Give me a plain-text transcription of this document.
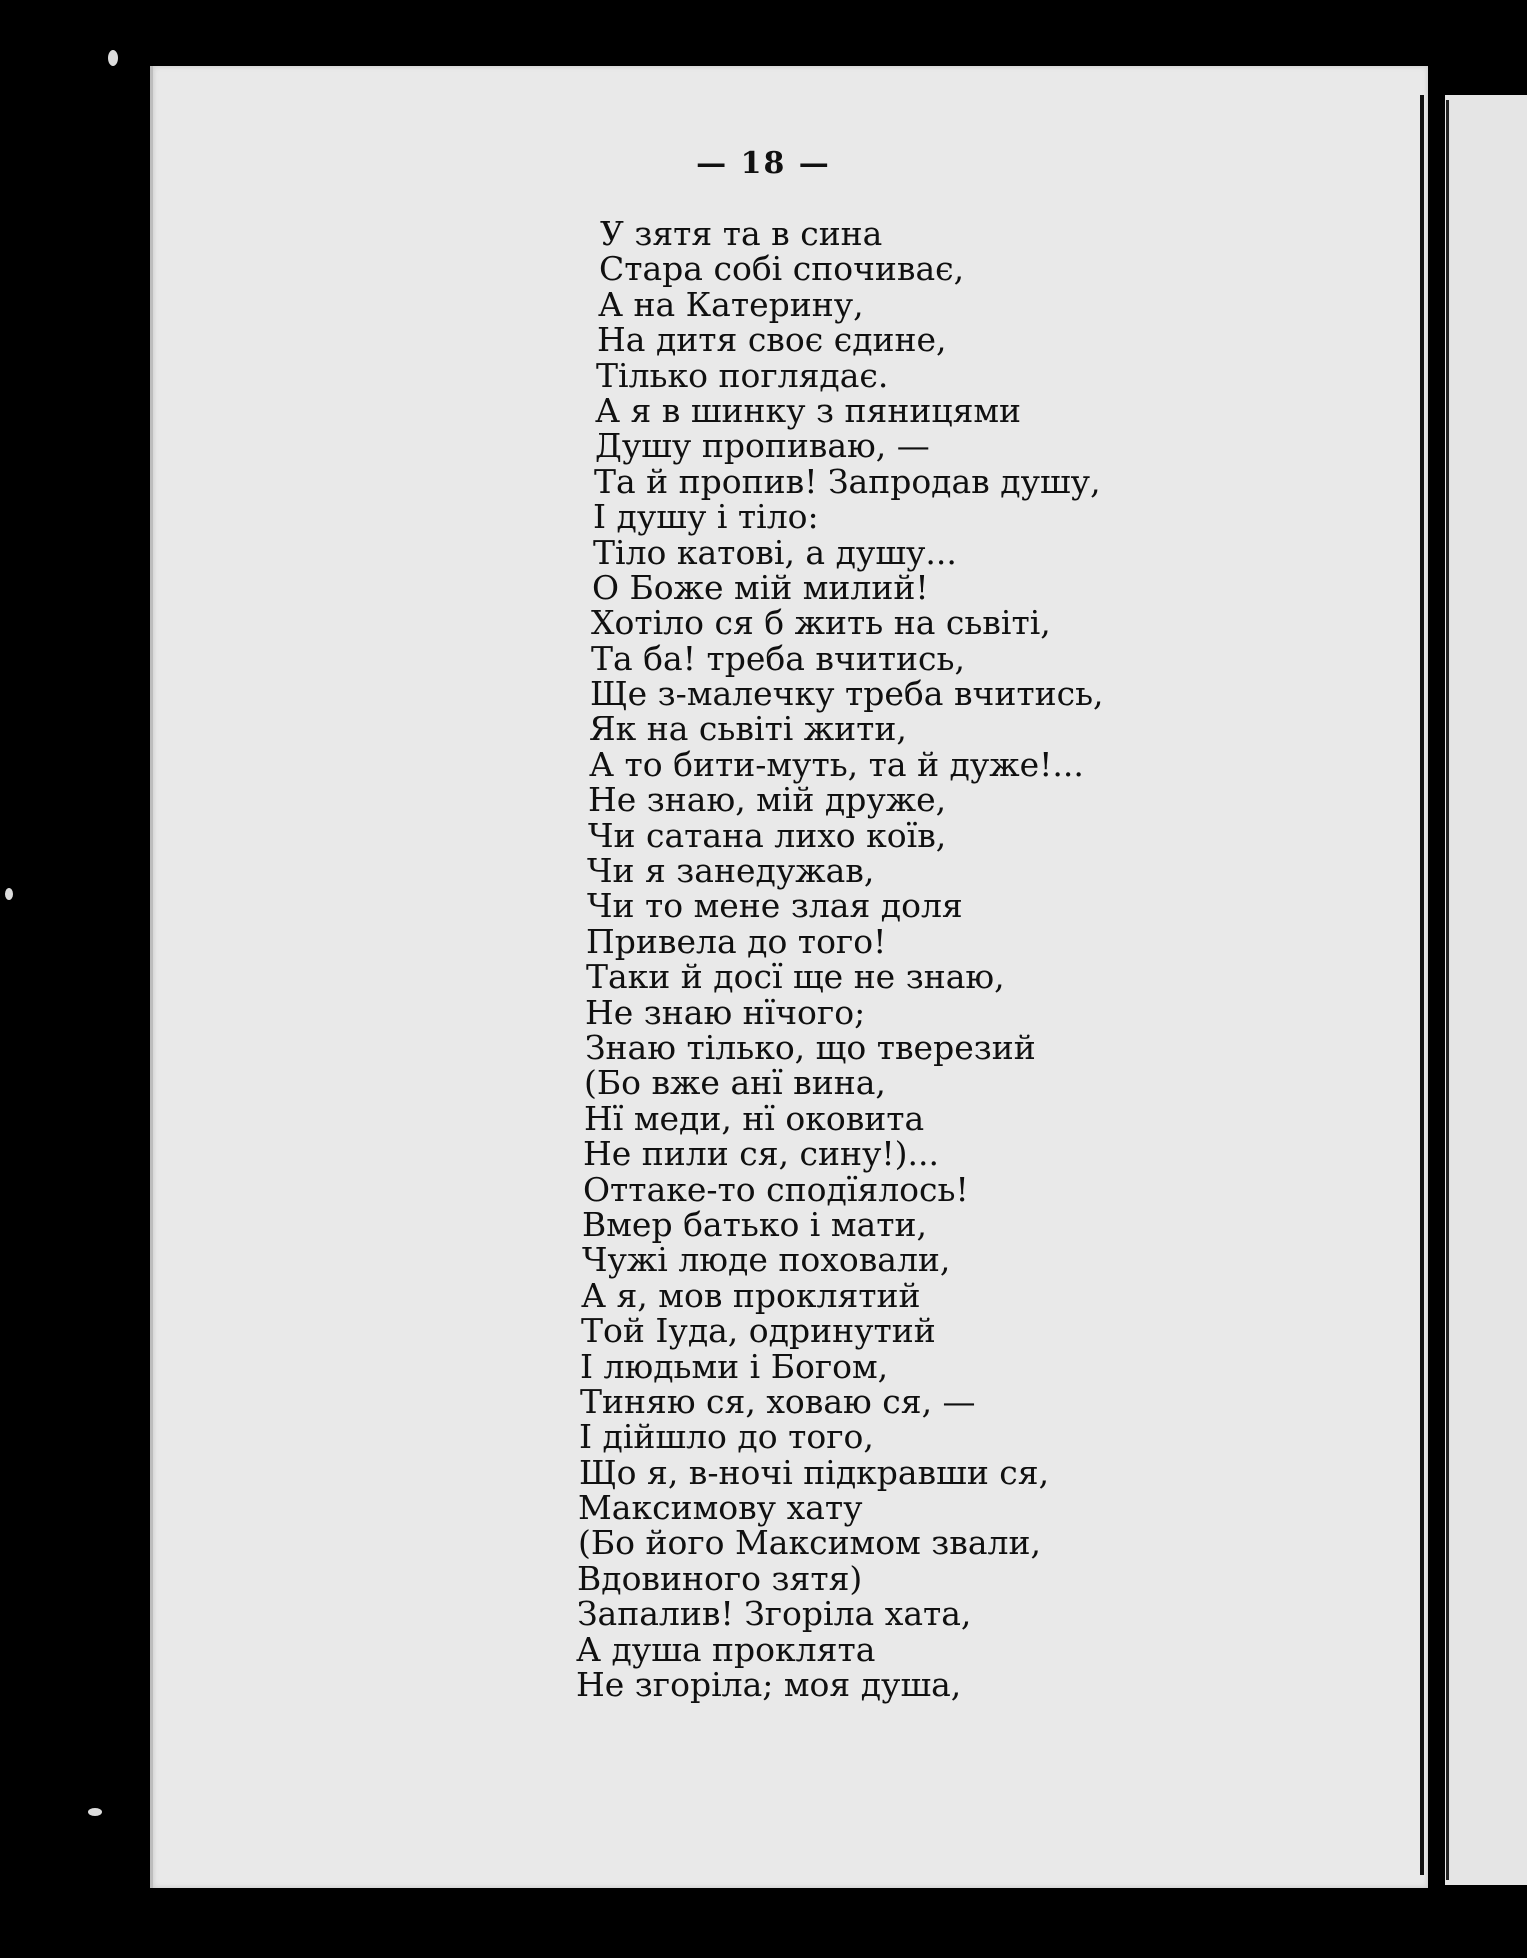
— 18 —
У зятя та в сина
Стара собі спочиває,
А на Катерину,
На дитя своє єдине,
Тілько поглядає.
А я в шинку з пяницями
Душу пропиваю, —
Та й пропив! Запродав душу,
І душу і тіло:
Тіло катові, а душу...
О Боже мій милий!
Хотіло ся б жить на сьвіті,
Та ба! треба вчитись,
Ще з-малечку треба вчитись,
Як на сьвіті жити,
А то бити-муть, та й дуже!...
Не знаю, мій друже,
Чи сатана лихо коїв,
Чи я занедужав,
Чи то мене злая доля
Привела до того!
Таки й досї ще не знаю,
Не знаю нїчого;
Знаю тілько, що тверезий
(Бо вже анї вина,
Нї меди, нї оковита
Не пили ся, сину!)...
Оттаке-то сподїялось!
Вмер батько і мати,
Чужі люде поховали,
А я, мов проклятий
Той Іуда, одринутий
І людьми і Богом,
Тиняю ся, ховаю ся, —
І дійшло до того,
Що я, в-ночі підкравши ся,
Максимову хату
(Бо його Максимом звали,
Вдовиного зятя)
Запалив! Згоріла хата,
А душа проклята
Не згоріла; моя душа,
